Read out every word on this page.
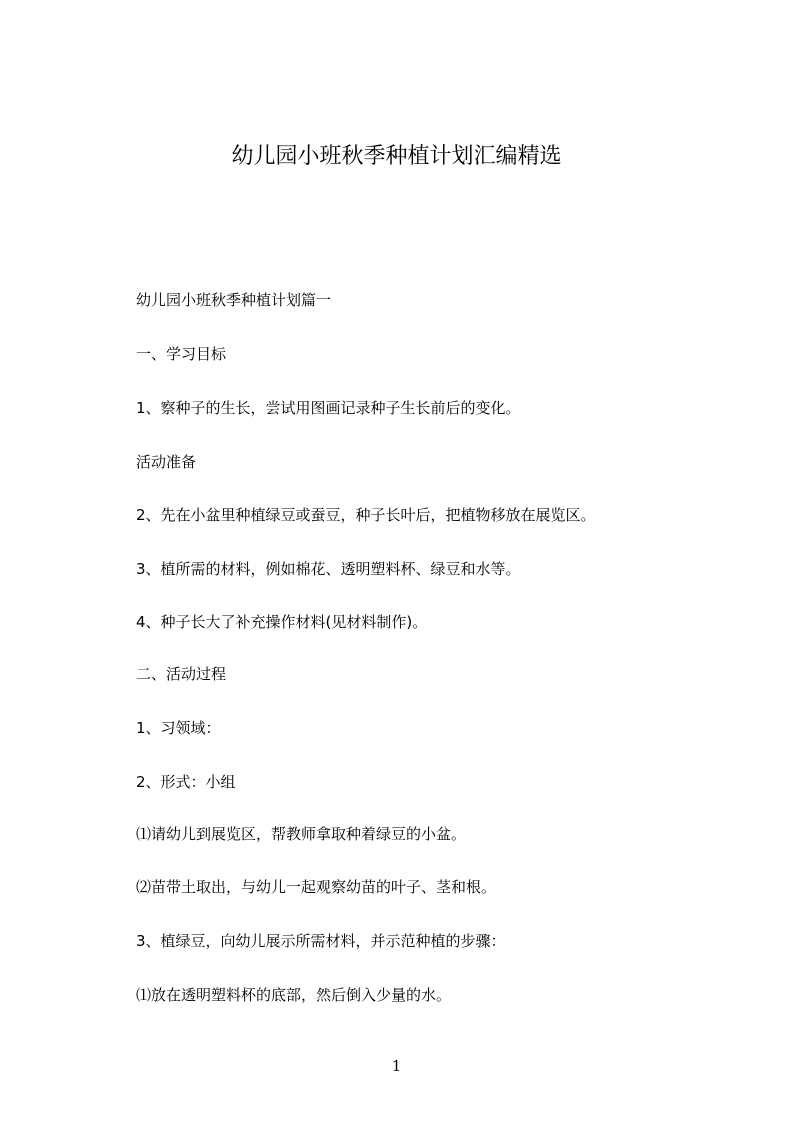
幼儿园小班秋季种植计划汇编精选
幼儿园小班秋季种植计划篇一
一、学习目标
1、察种子的生长，尝试用图画记录种子生长前后的变化。
活动准备
2、先在小盆里种植绿豆或蚕豆，种子长叶后，把植物移放在展览区。
3、植所需的材料，例如棉花、透明塑料杯、绿豆和水等。
4、种子长大了补充操作材料(见材料制作)。
二、活动过程
1、习领域：
2、形式：小组
⑴请幼儿到展览区，帮教师拿取种着绿豆的小盆。
⑵苗带土取出，与幼儿一起观察幼苗的叶子、茎和根。
3、植绿豆，向幼儿展示所需材料，并示范种植的步骤：
⑴放在透明塑料杯的底部，然后倒入少量的水。
1
